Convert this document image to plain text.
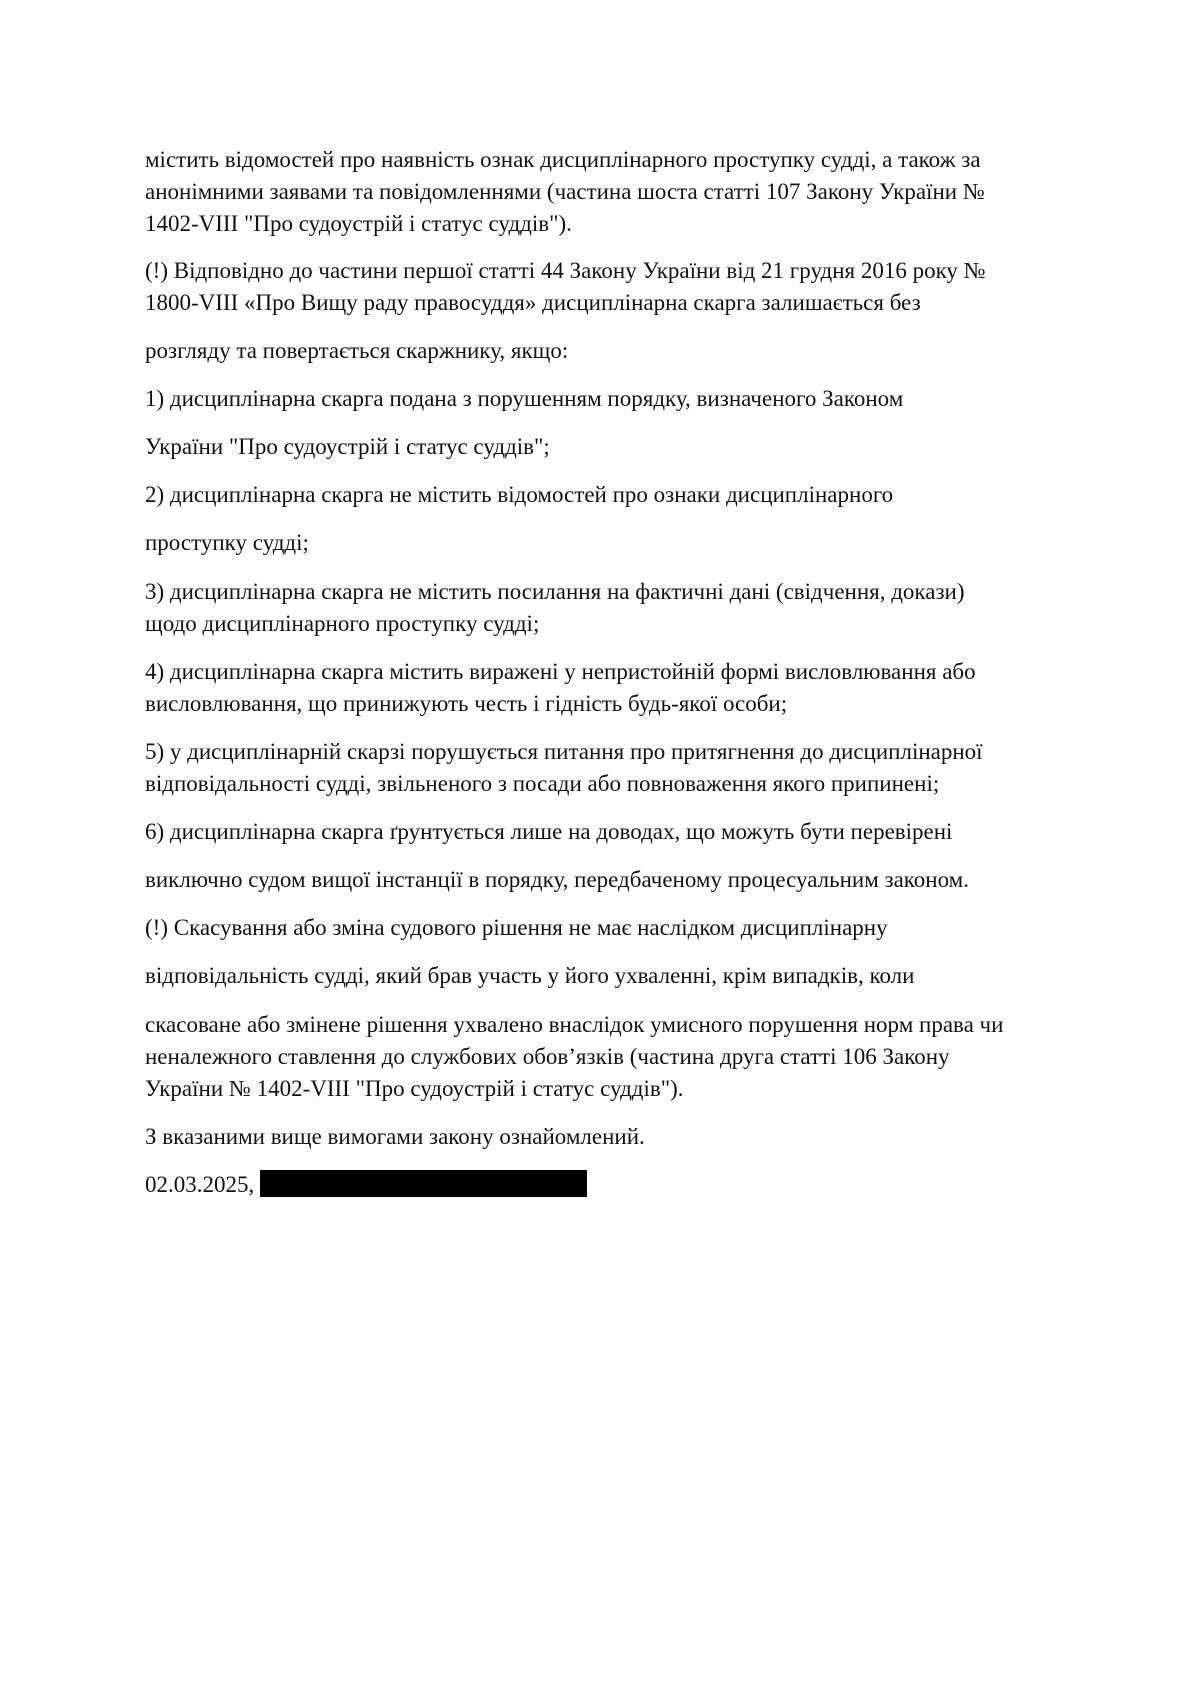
містить відомостей про наявність ознак дисциплінарного проступку судді, а також за
анонімними заявами та повідомленнями (частина шоста статті 107 Закону України №
1402-VIII "Про судоустрій і статус суддів").
(!) Відповідно до частини першої статті 44 Закону України від 21 грудня 2016 року №
1800-VIII «Про Вищу раду правосуддя» дисциплінарна скарга залишається без
розгляду та повертається скаржнику, якщо:
1) дисциплінарна скарга подана з порушенням порядку, визначеного Законом
України "Про судоустрій і статус суддів";
2) дисциплінарна скарга не містить відомостей про ознаки дисциплінарного
проступку судді;
3) дисциплінарна скарга не містить посилання на фактичні дані (свідчення, докази)
щодо дисциплінарного проступку судді;
4) дисциплінарна скарга містить виражені у непристойній формі висловлювання або
висловлювання, що принижують честь і гідність будь-якої особи;
5) у дисциплінарній скарзі порушується питання про притягнення до дисциплінарної
відповідальності судді, звільненого з посади або повноваження якого припинені;
6) дисциплінарна скарга ґрунтується лише на доводах, що можуть бути перевірені
виключно судом вищої інстанції в порядку, передбаченому процесуальним законом.
(!) Скасування або зміна судового рішення не має наслідком дисциплінарну
відповідальність судді, який брав участь у його ухваленні, крім випадків, коли
скасоване або змінене рішення ухвалено внаслідок умисного порушення норм права чи
неналежного ставлення до службових обов’язків (частина друга статті 106 Закону
України № 1402-VIII "Про судоустрій і статус суддів").
З вказаними вище вимогами закону ознайомлений.
02.03.2025,
